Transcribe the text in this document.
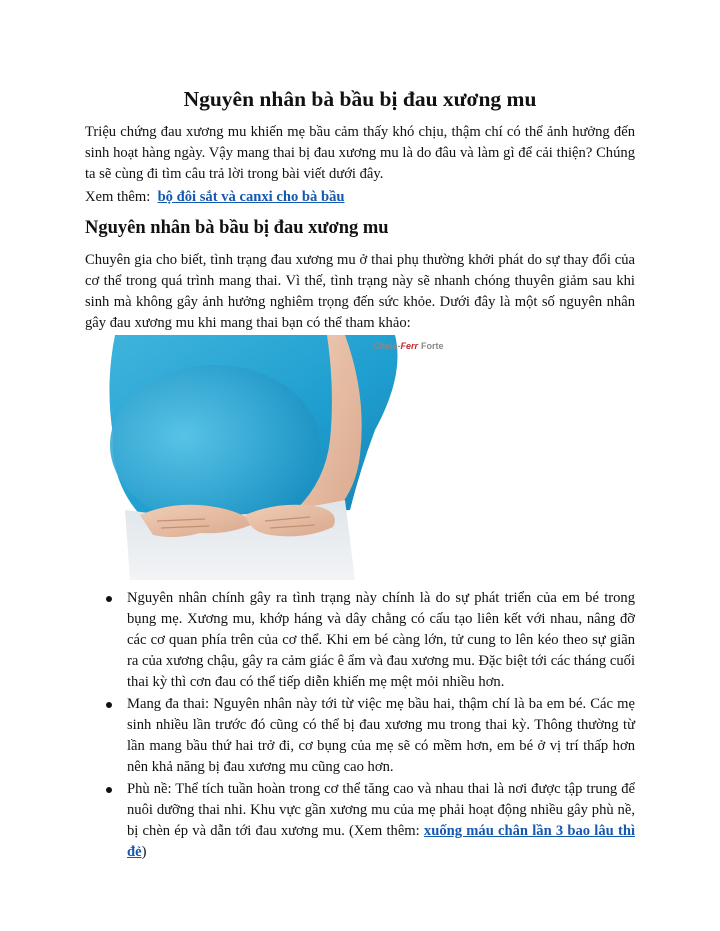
Nguyên nhân bà bầu bị đau xương mu

Triệu chứng đau xương mu khiến mẹ bầu cảm thấy khó chịu, thậm chí có thể ảnh hưởng đến sinh hoạt hàng ngày. Vậy mang thai bị đau xương mu là do đâu và làm gì để cải thiện? Chúng ta sẽ cùng đi tìm câu trả lời trong bài viết dưới đây.

Xem thêm: bộ đôi sắt và canxi cho bà bầu

Nguyên nhân bà bầu bị đau xương mu

Chuyên gia cho biết, tình trạng đau xương mu ở thai phụ thường khởi phát do sự thay đổi của cơ thể trong quá trình mang thai. Vì thế, tình trạng này sẽ nhanh chóng thuyên giảm sau khi sinh mà không gây ảnh hưởng nghiêm trọng đến sức khỏe. Dưới đây là một số nguyên nhân gây đau xương mu khi mang thai bạn có thể tham khảo:

Chela-Ferr Forte
Nguyên nhân chính gây ra tình trạng này chính là do sự phát triển của em bé trong bụng mẹ. Xương mu, khớp háng và dây chằng có cấu tạo liên kết với nhau, nâng đỡ các cơ quan phía trên của cơ thể. Khi em bé càng lớn, tử cung to lên kéo theo sự giãn ra của xương chậu, gây ra cảm giác ê ẩm và đau xương mu. Đặc biệt tới các tháng cuối thai kỳ thì cơn đau có thể tiếp diễn khiến mẹ mệt mỏi nhiều hơn.
Mang đa thai: Nguyên nhân này tới từ việc mẹ bầu hai, thậm chí là ba em bé. Các mẹ sinh nhiều lần trước đó cũng có thể bị đau xương mu trong thai kỳ. Thông thường từ lần mang bầu thứ hai trở đi, cơ bụng của mẹ sẽ có mềm hơn, em bé ở vị trí thấp hơn nên khả năng bị đau xương mu cũng cao hơn.
Phù nề: Thể tích tuần hoàn trong cơ thể tăng cao và nhau thai là nơi được tập trung để nuôi dưỡng thai nhi. Khu vực gần xương mu của mẹ phải hoạt động nhiều gây phù nề, bị chèn ép và dẫn tới đau xương mu. (Xem thêm: xuống máu chân lần 3 bao lâu thì đẻ)
